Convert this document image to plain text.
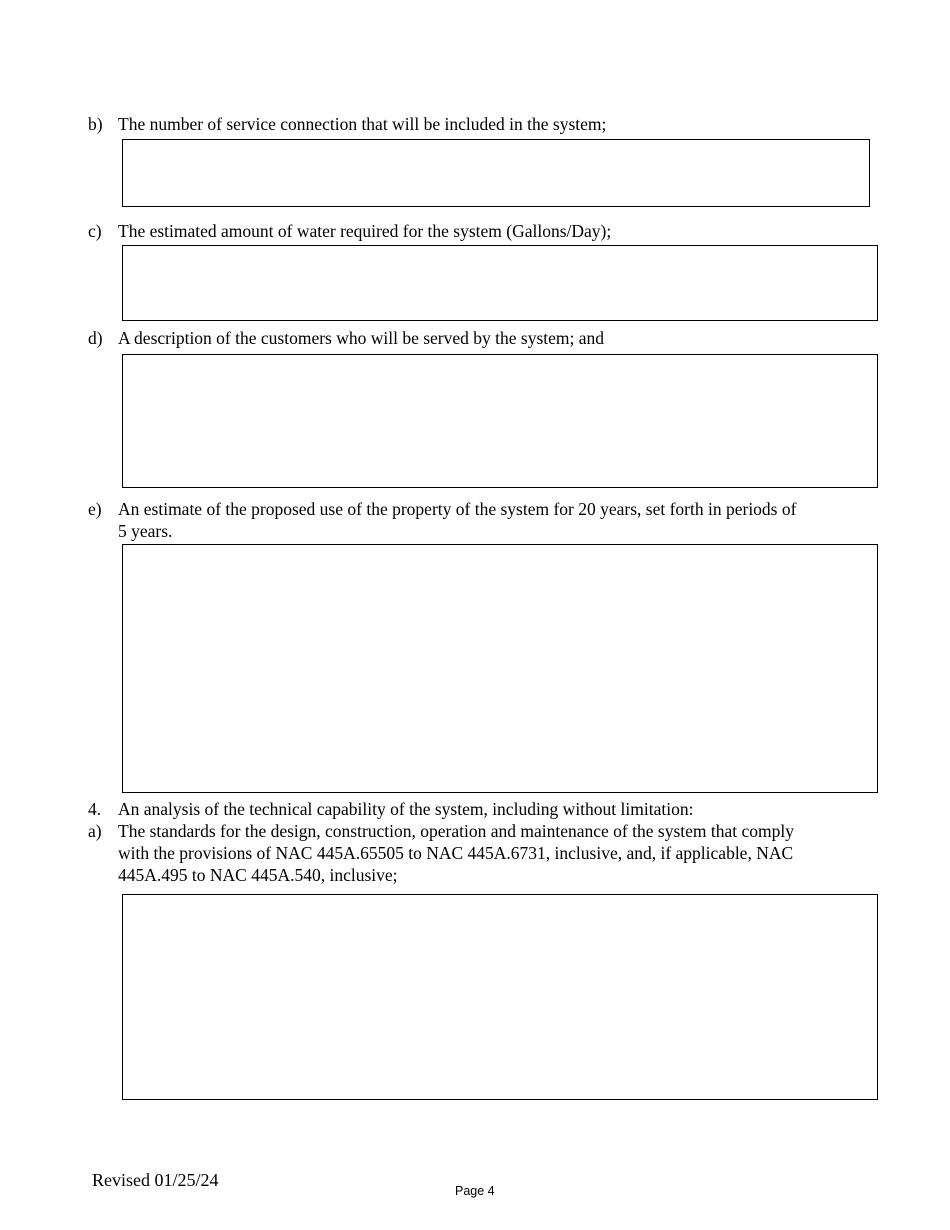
b) The number of service connection that will be included in the system;
c) The estimated amount of water required for the system (Gallons/Day);
d) A description of the customers who will be served by the system; and
e) An estimate of the proposed use of the property of the system for 20 years, set forth in periods of 5 years.
4. An analysis of the technical capability of the system, including without limitation:
a) The standards for the design, construction, operation and maintenance of the system that comply with the provisions of NAC 445A.65505 to NAC 445A.6731, inclusive, and, if applicable, NAC 445A.495 to NAC 445A.540, inclusive;
Revised 01/25/24
Page 4
